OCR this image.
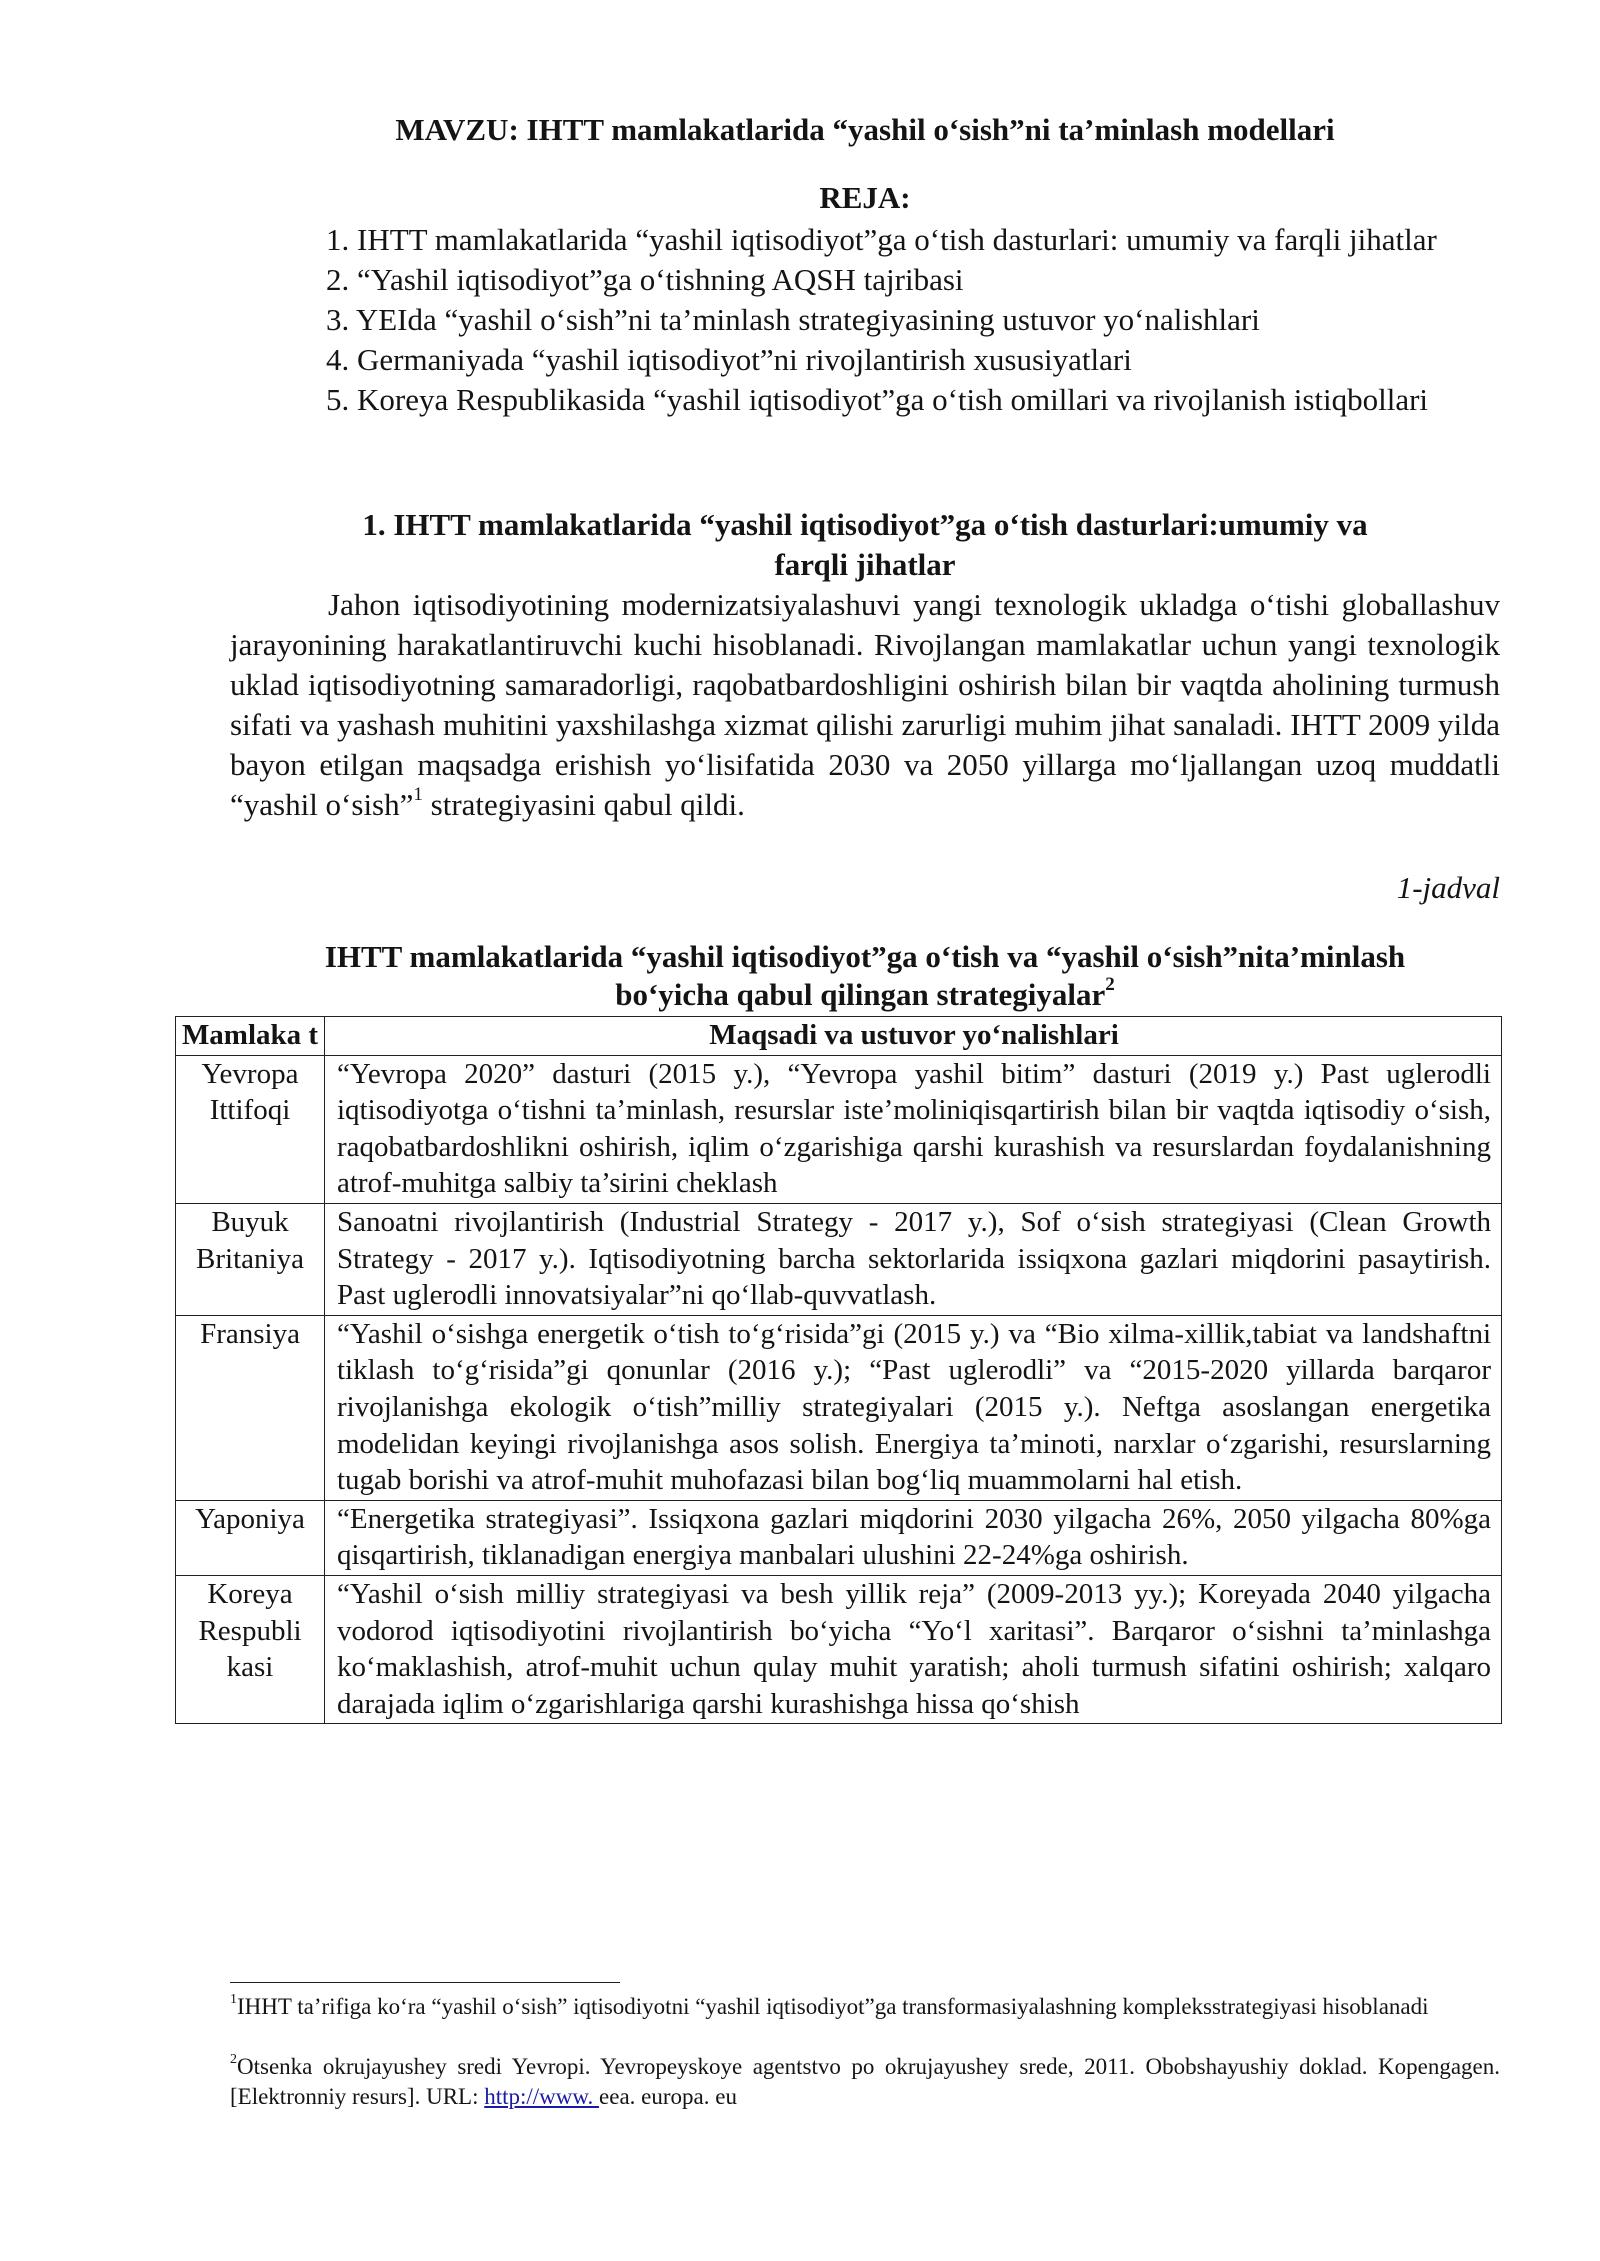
MAVZU: IHTT mamlakatlarida “yashil o‘sish”ni ta’minlash modellari
REJA:
1. IHTT mamlakatlarida “yashil iqtisodiyot”ga o‘tish dasturlari: umumiy va farqli jihatlar
2. “Yashil iqtisodiyot”ga o‘tishning AQSH tajribasi
3. YEIda “yashil o‘sish”ni ta’minlash strategiyasining ustuvor yo‘nalishlari
4. Germaniyada “yashil iqtisodiyot”ni rivojlantirish xususiyatlari
5. Koreya Respublikasida “yashil iqtisodiyot”ga o‘tish omillari va rivojlanish istiqbollari
1. IHTT mamlakatlarida “yashil iqtisodiyot”ga o‘tish dasturlari:umumiy va
farqli jihatlar
Jahon iqtisodiyotining modernizatsiyalashuvi yangi texnologik ukladga o‘tishi globallashuv jarayonining harakatlantiruvchi kuchi hisoblanadi. Rivojlangan mamlakatlar uchun yangi texnologik uklad iqtisodiyotning samaradorligi, raqobatbardoshligini oshirish bilan bir vaqtda aholining turmush sifati va yashash muhitini yaxshilashga xizmat qilishi zarurligi muhim jihat sanaladi. IHTT 2009 yilda bayon etilgan maqsadga erishish yo‘lisifatida 2030 va 2050 yillarga mo‘ljallangan uzoq muddatli “yashil o‘sish”$^1$ strategiyasini qabul qildi.
1-jadval
IHTT mamlakatlarida “yashil iqtisodiyot”ga o‘tish va “yashil o‘sish”nita’minlash
bo‘yicha qabul qilingan strategiyalar$^2$
Mamlaka t	Maqsadi va ustuvor yo‘nalishlari
Yevropa Ittifoqi	“Yevropa 2020” dasturi (2015 y.), “Yevropa yashil bitim” dasturi (2019 y.) Past uglerodli iqtisodiyotga o‘tishni ta’minlash, resurslar iste’moliniqisqartirish bilan bir vaqtda iqtisodiy o‘sish, raqobatbardoshlikni oshirish, iqlim o‘zgarishiga qarshi kurashish va resurslardan foydalanishning atrof-muhitga salbiy ta’sirini cheklash
Buyuk Britaniya	Sanoatni rivojlantirish (Industrial Strategy - 2017 y.), Sof o‘sish strategiyasi (Clean Growth Strategy - 2017 y.). Iqtisodiyotning barcha sektorlarida issiqxona gazlari miqdorini pasaytirish. Past uglerodli innovatsiyalar”ni qo‘llab-quvvatlash.
Fransiya	“Yashil o‘sishga energetik o‘tish to‘g‘risida”gi (2015 y.) va “Bio xilma-xillik,tabiat va landshaftni tiklash to‘g‘risida”gi qonunlar (2016 y.); “Past uglerodli” va “2015-2020 yillarda barqaror rivojlanishga ekologik o‘tish”milliy strategiyalari (2015 y.). Neftga asoslangan energetika modelidan keyingi rivojlanishga asos solish. Energiya ta’minoti, narxlar o‘zgarishi, resurslarning tugab borishi va atrof-muhit muhofazasi bilan bog‘liq muammolarni hal etish.
Yaponiya	“Energetika strategiyasi”. Issiqxona gazlari miqdorini 2030 yilgacha 26%, 2050 yilgacha 80%ga qisqartirish, tiklanadigan energiya manbalari ulushini 22-24%ga oshirish.
Koreya Respubli kasi	“Yashil o‘sish milliy strategiyasi va besh yillik reja” (2009-2013 yy.); Koreyada 2040 yilgacha vodorod iqtisodiyotini rivojlantirish bo‘yicha “Yo‘l xaritasi”. Barqaror o‘sishni ta’minlashga ko‘maklashish, atrof-muhit uchun qulay muhit yaratish; aholi turmush sifatini oshirish; xalqaro darajada iqlim o‘zgarishlariga qarshi kurashishga hissa qo‘shish
$^1$IHHT ta’rifiga ko‘ra “yashil o‘sish” iqtisodiyotni “yashil iqtisodiyot”ga transformasiyalashning kompleksstrategiyasi hisoblanadi
$^2$Otsenka okrujayushey sredi Yevropi. Yevropeyskoye agentstvo po okrujayushey srede, 2011. Obobshayushiy doklad. Kopengagen. [Elektronniy resurs]. URL: http://www. eea. europa. eu
